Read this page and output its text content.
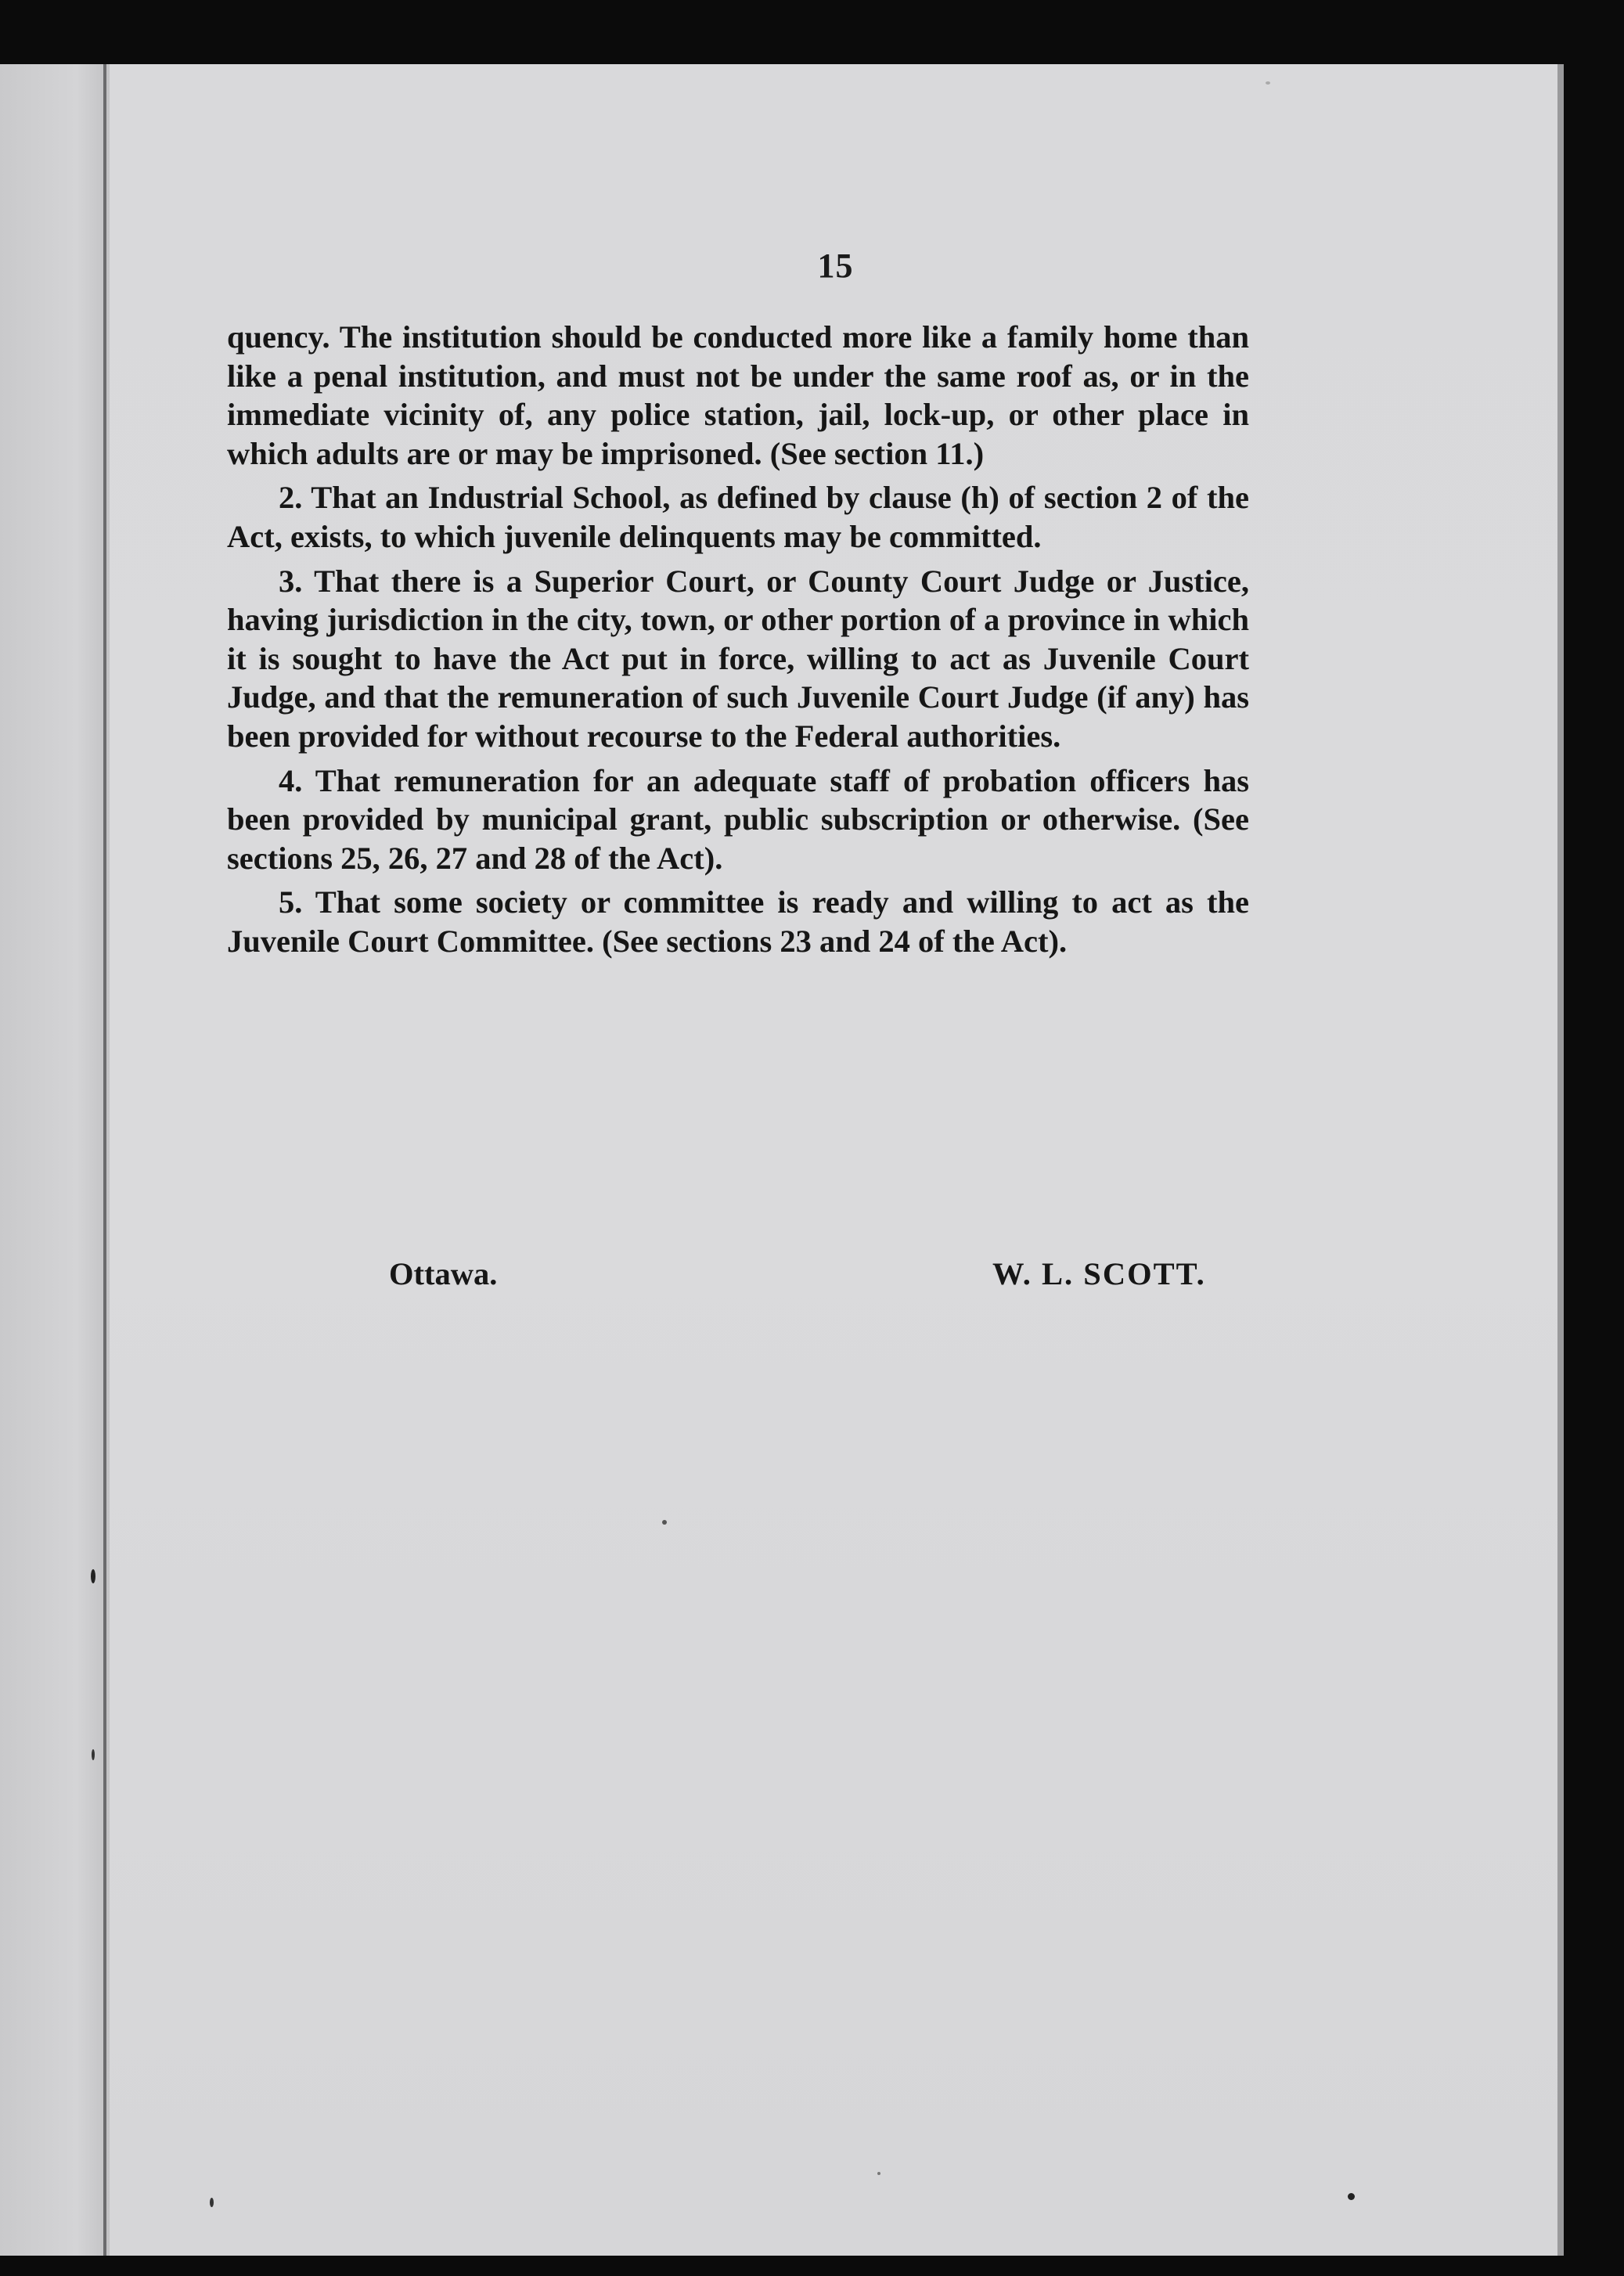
15

quency. The institution should be conducted more like a family home than like a penal institution, and must not be under the same roof as, or in the immediate vicinity of, any police station, jail, lock-up, or other place in which adults are or may be imprisoned. (See section 11.)

2. That an Industrial School, as defined by clause (h) of section 2 of the Act, exists, to which juvenile delinquents may be committed.

3. That there is a Superior Court, or County Court Judge or Justice, having jurisdiction in the city, town, or other portion of a province in which it is sought to have the Act put in force, willing to act as Juvenile Court Judge, and that the remuneration of such Juvenile Court Judge (if any) has been provided for without recourse to the Federal authorities.

4. That remuneration for an adequate staff of probation officers has been provided by municipal grant, public subscription or otherwise. (See sections 25, 26, 27 and 28 of the Act).

5. That some society or committee is ready and willing to act as the Juvenile Court Committee. (See sections 23 and 24 of the Act).

Ottawa.	W. L. SCOTT.
